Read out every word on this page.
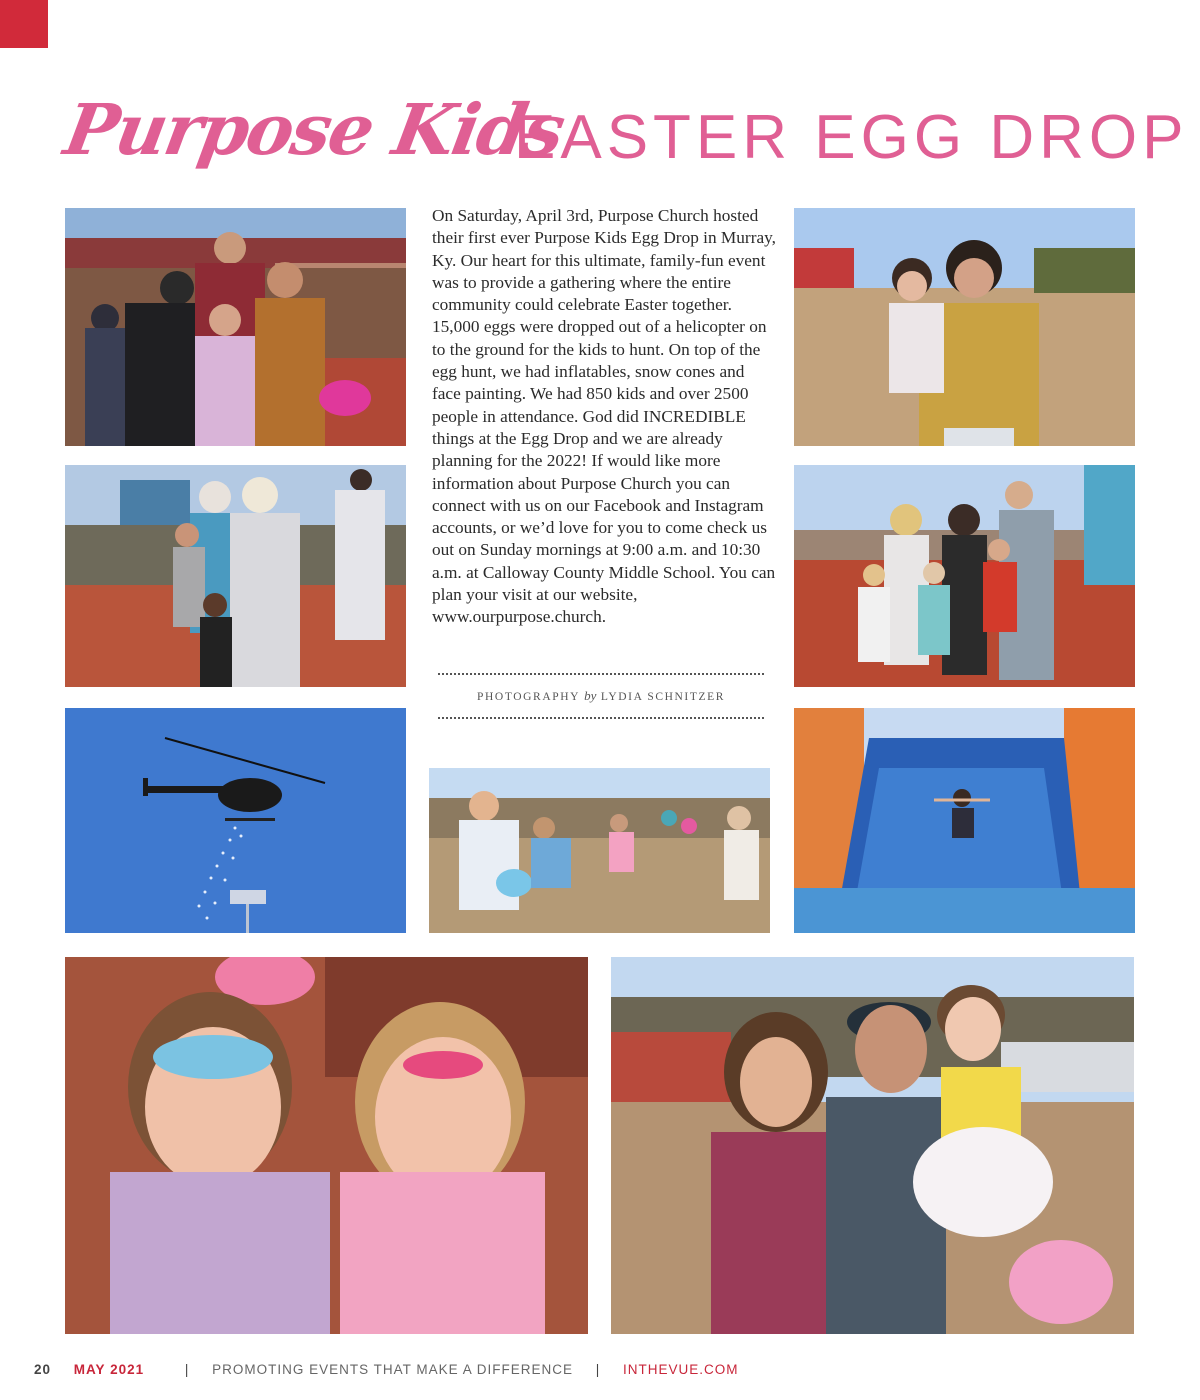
Purpose Kids
EASTER EGG DROP
On Saturday, April 3rd, Purpose Church hosted their first ever Purpose Kids Egg Drop in Murray, Ky. Our heart for this ultimate, family-fun event was to provide a gathering where the entire community could celebrate Easter together. 15,000 eggs were dropped out of a helicopter on to the ground for the kids to hunt. On top of the egg hunt, we had inflatables, snow cones and face painting. We had 850 kids and over 2500 people in attendance. God did INCREDIBLE things at the Egg Drop and we are already planning for the 2022! If would like more information about Purpose Church you can connect with us on our Facebook and Instagram accounts, or we’d love for you to come check us out on Sunday mornings at 9:00 a.m. and 10:30 a.m. at Calloway County Middle School. You can plan your visit at our website, www.ourpurpose.church.
PHOTOGRAPHY by LYDIA SCHNITZER
20 MAY 2021	| PROMOTING EVENTS THAT MAKE A DIFFERENCE | INTHEVUE.COM
